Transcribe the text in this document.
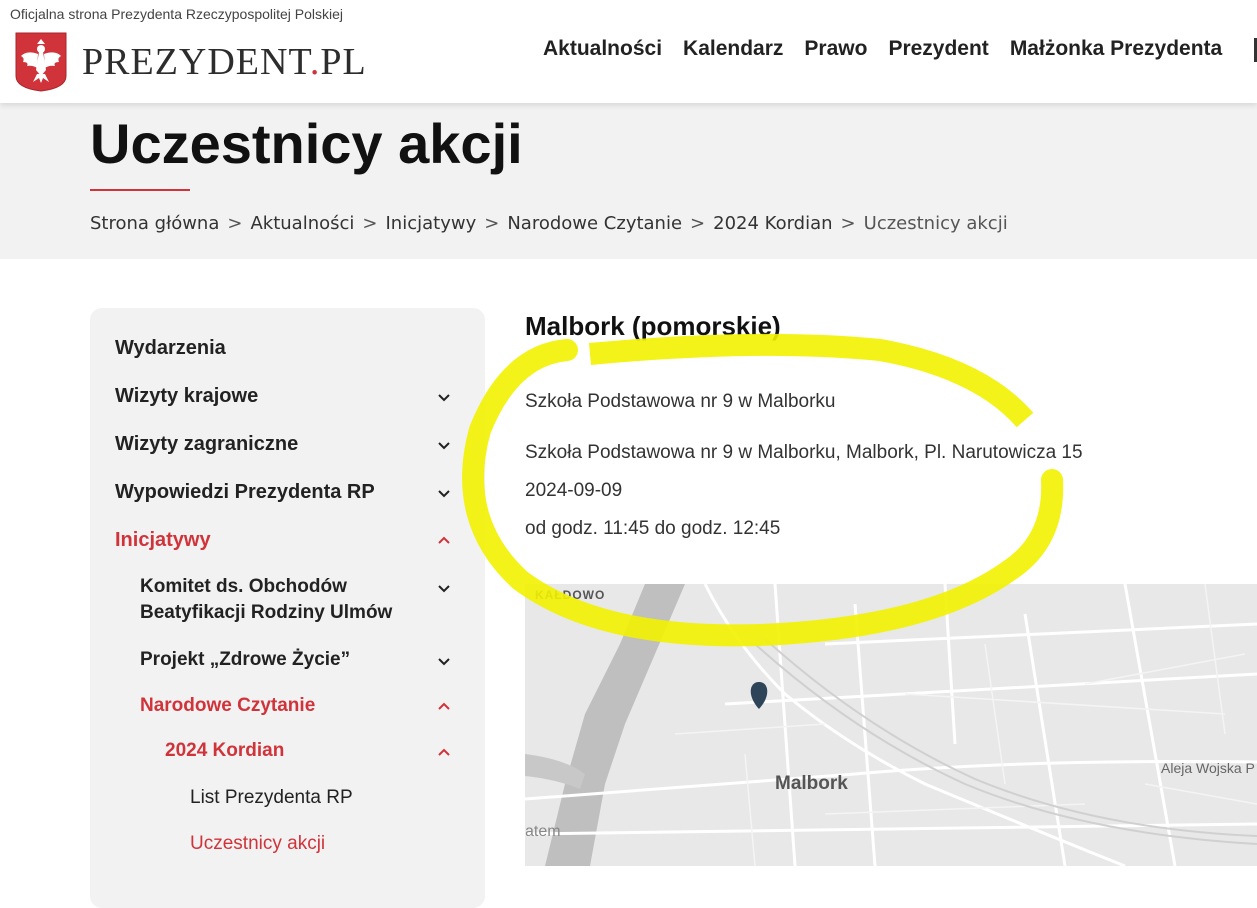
Oficjalna strona Prezydenta Rzeczypospolitej Polskiej
PREZYDENT.PL	Aktualności Kalendarz Prawo Prezydent Małżonka Prezydenta
Uczestnicy akcji
Strona główna > Aktualności > Inicjatywy > Narodowe Czytanie > 2024 Kordian > Uczestnicy akcji
Wydarzenia
Wizyty krajowe
Wizyty zagraniczne
Wypowiedzi Prezydenta RP
Inicjatywy
Komitet ds. Obchodów Beatyfikacji Rodziny Ulmów
Projekt „Zdrowe Życie”
Narodowe Czytanie
2024 Kordian
List Prezydenta RP
Uczestnicy akcji
Malbork (pomorskie)
Szkoła Podstawowa nr 9 w Malborku
Szkoła Podstawowa nr 9 w Malborku, Malbork, Pl. Narutowicza 15
2024-09-09
od godz. 11:45 do godz. 12:45
KAŁDOWO
Malbork
Aleja Wojska P
atem
